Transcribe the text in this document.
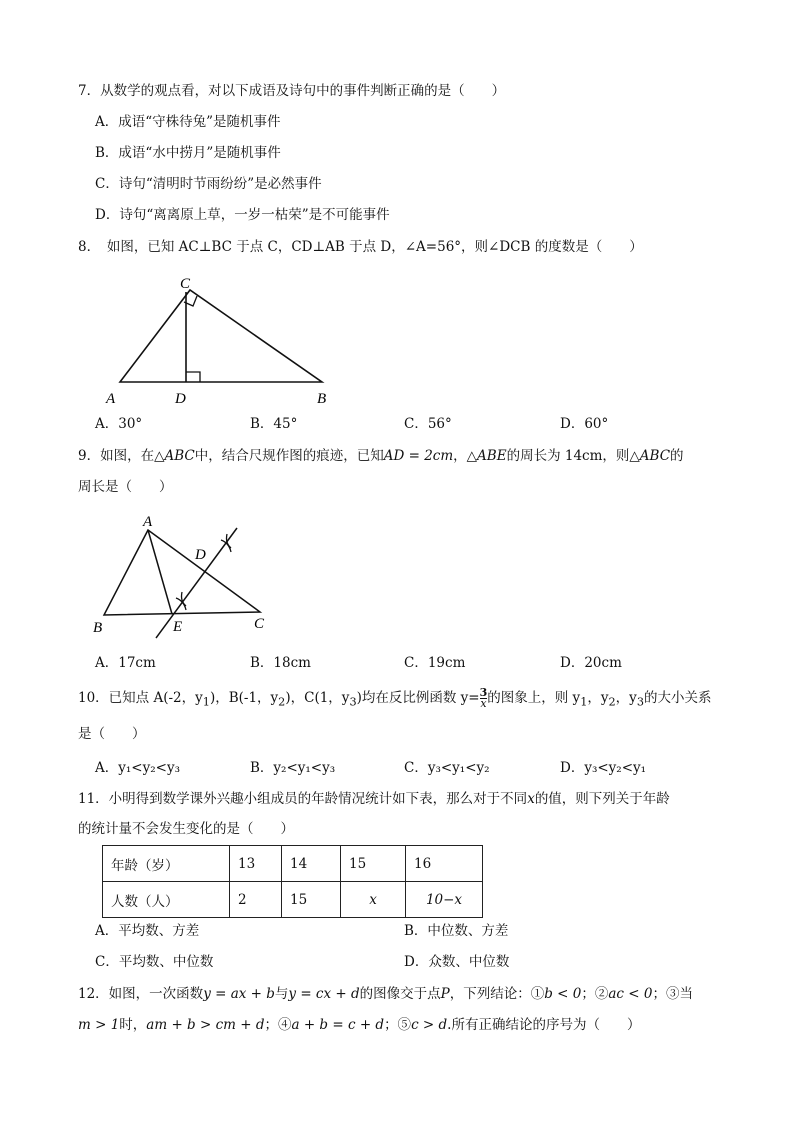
7．从数学的观点看，对以下成语及诗句中的事件判断正确的是（　　）
A．成语“守株待兔”是随机事件
B．成语“水中捞月”是随机事件
C．诗句“清明时节雨纷纷”是必然事件
D．诗句“离离原上草，一岁一枯荣”是不可能事件
8．　如图，已知 AC⊥BC 于点 C，CD⊥AB 于点 D，∠A=56°，则∠DCB 的度数是（　　）
C
A	D	B
A．30°	B．45°	C．56°	D．60°
9．如图，在△ABC中，结合尺规作图的痕迹，已知AD = 2cm，△ABE的周长为 14cm，则△ABC的
周长是（　　）
A
D
B	E	C
A．17cm	B．18cm	C．19cm	D．20cm
10．已知点 A(-2，$y_1$)，B(-1，$y_2$)，C(1，$y_3$)均在反比例函数 $y= \frac{3}{x}$ 的图象上，则 $y_1$，$y_2$，$y_3$的大小关系
是（　　）
A．y₁<y₂<y₃	B．y₂<y₁<y₃	C．y₃<y₁<y₂	D．y₃<y₂<y₁
11．小明得到数学课外兴趣小组成员的年龄情况统计如下表，那么对于不同x的值，则下列关于年龄
的统计量不会发生变化的是（　　）
年龄（岁）	13	14	15	16
人数（人）	2	15	x	10−x
A．平均数、方差	B．中位数、方差
C．平均数、中位数	D．众数、中位数
12．如图，一次函数y = ax + b与y = cx + d的图像交于点P，下列结论：①b < 0；②ac < 0；③当
m > 1时，am + b > cm + d；④a + b = c + d；⑤c > d.所有正确结论的序号为（　　）
